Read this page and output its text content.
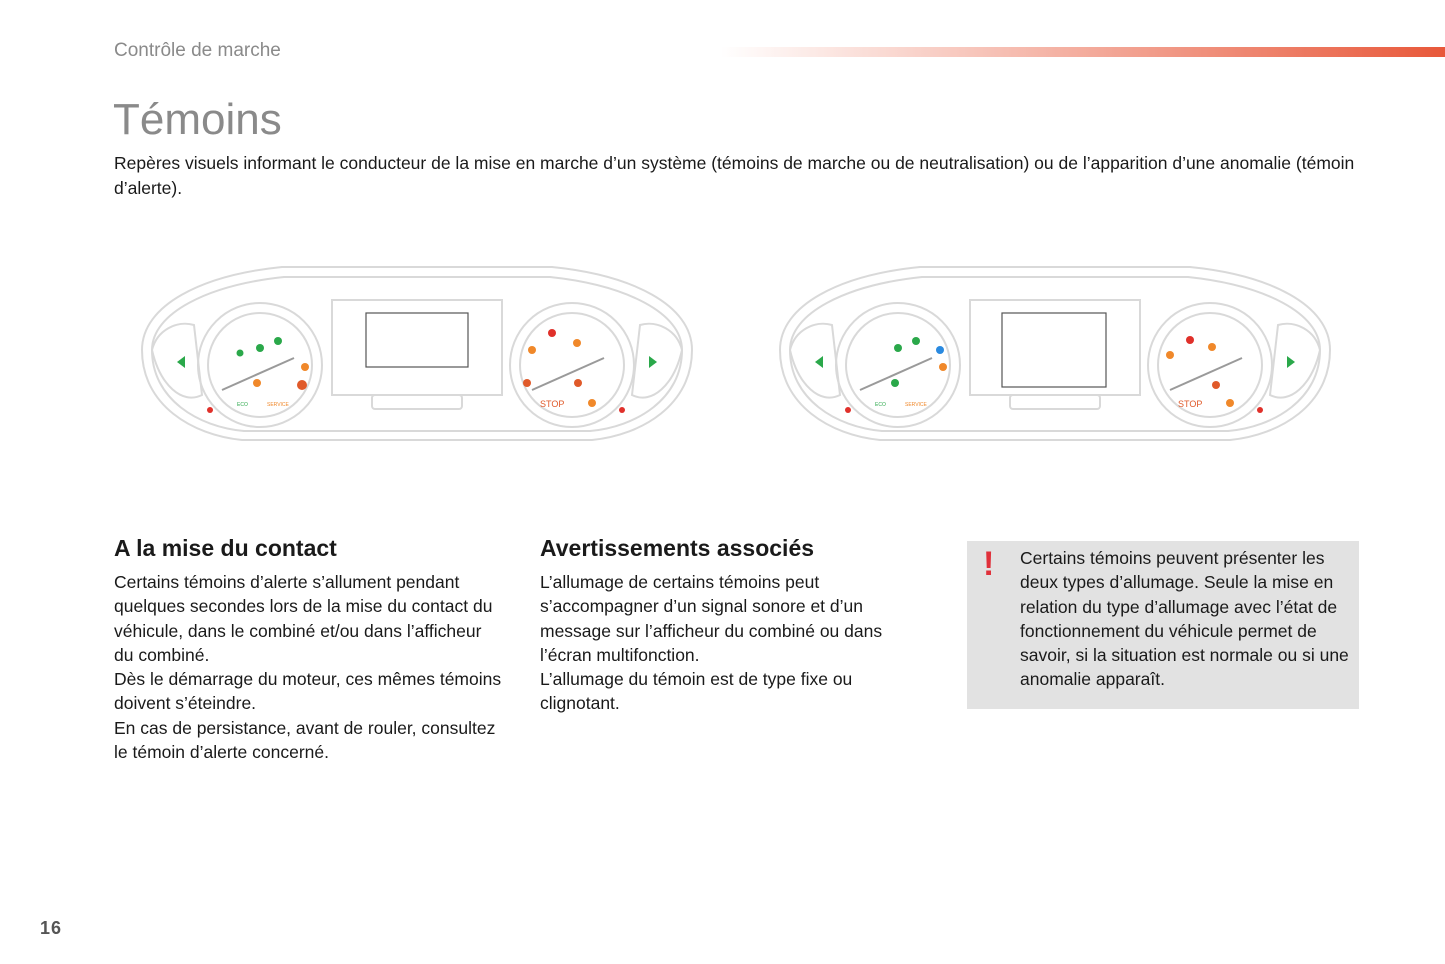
Contrôle de marche
Témoins
Repères visuels informant le conducteur de la mise en marche d’un système (témoins de marche ou de neutralisation) ou de l’apparition d’une anomalie (témoin d’alerte).
STOP
SERVICE
ECO	STOP
SERVICE
ECO
A la mise du contact

Certains témoins d’alerte s’allument pendant quelques secondes lors de la mise du contact du véhicule, dans le combiné et/ou dans l’afficheur du combiné.
Dès le démarrage du moteur, ces mêmes témoins doivent s’éteindre.
En cas de persistance, avant de rouler, consultez le témoin d’alerte concerné.

Avertissements associés

L’allumage de certains témoins peut s’accompagner d’un signal sonore et d’un message sur l’afficheur du combiné ou dans l’écran multifonction.
L’allumage du témoin est de type fixe ou clignotant.

! Certains témoins peuvent présenter les deux types d’allumage. Seule la mise en relation du type d’allumage avec l’état de fonctionnement du véhicule permet de savoir, si la situation est normale ou si une anomalie apparaît.
16
